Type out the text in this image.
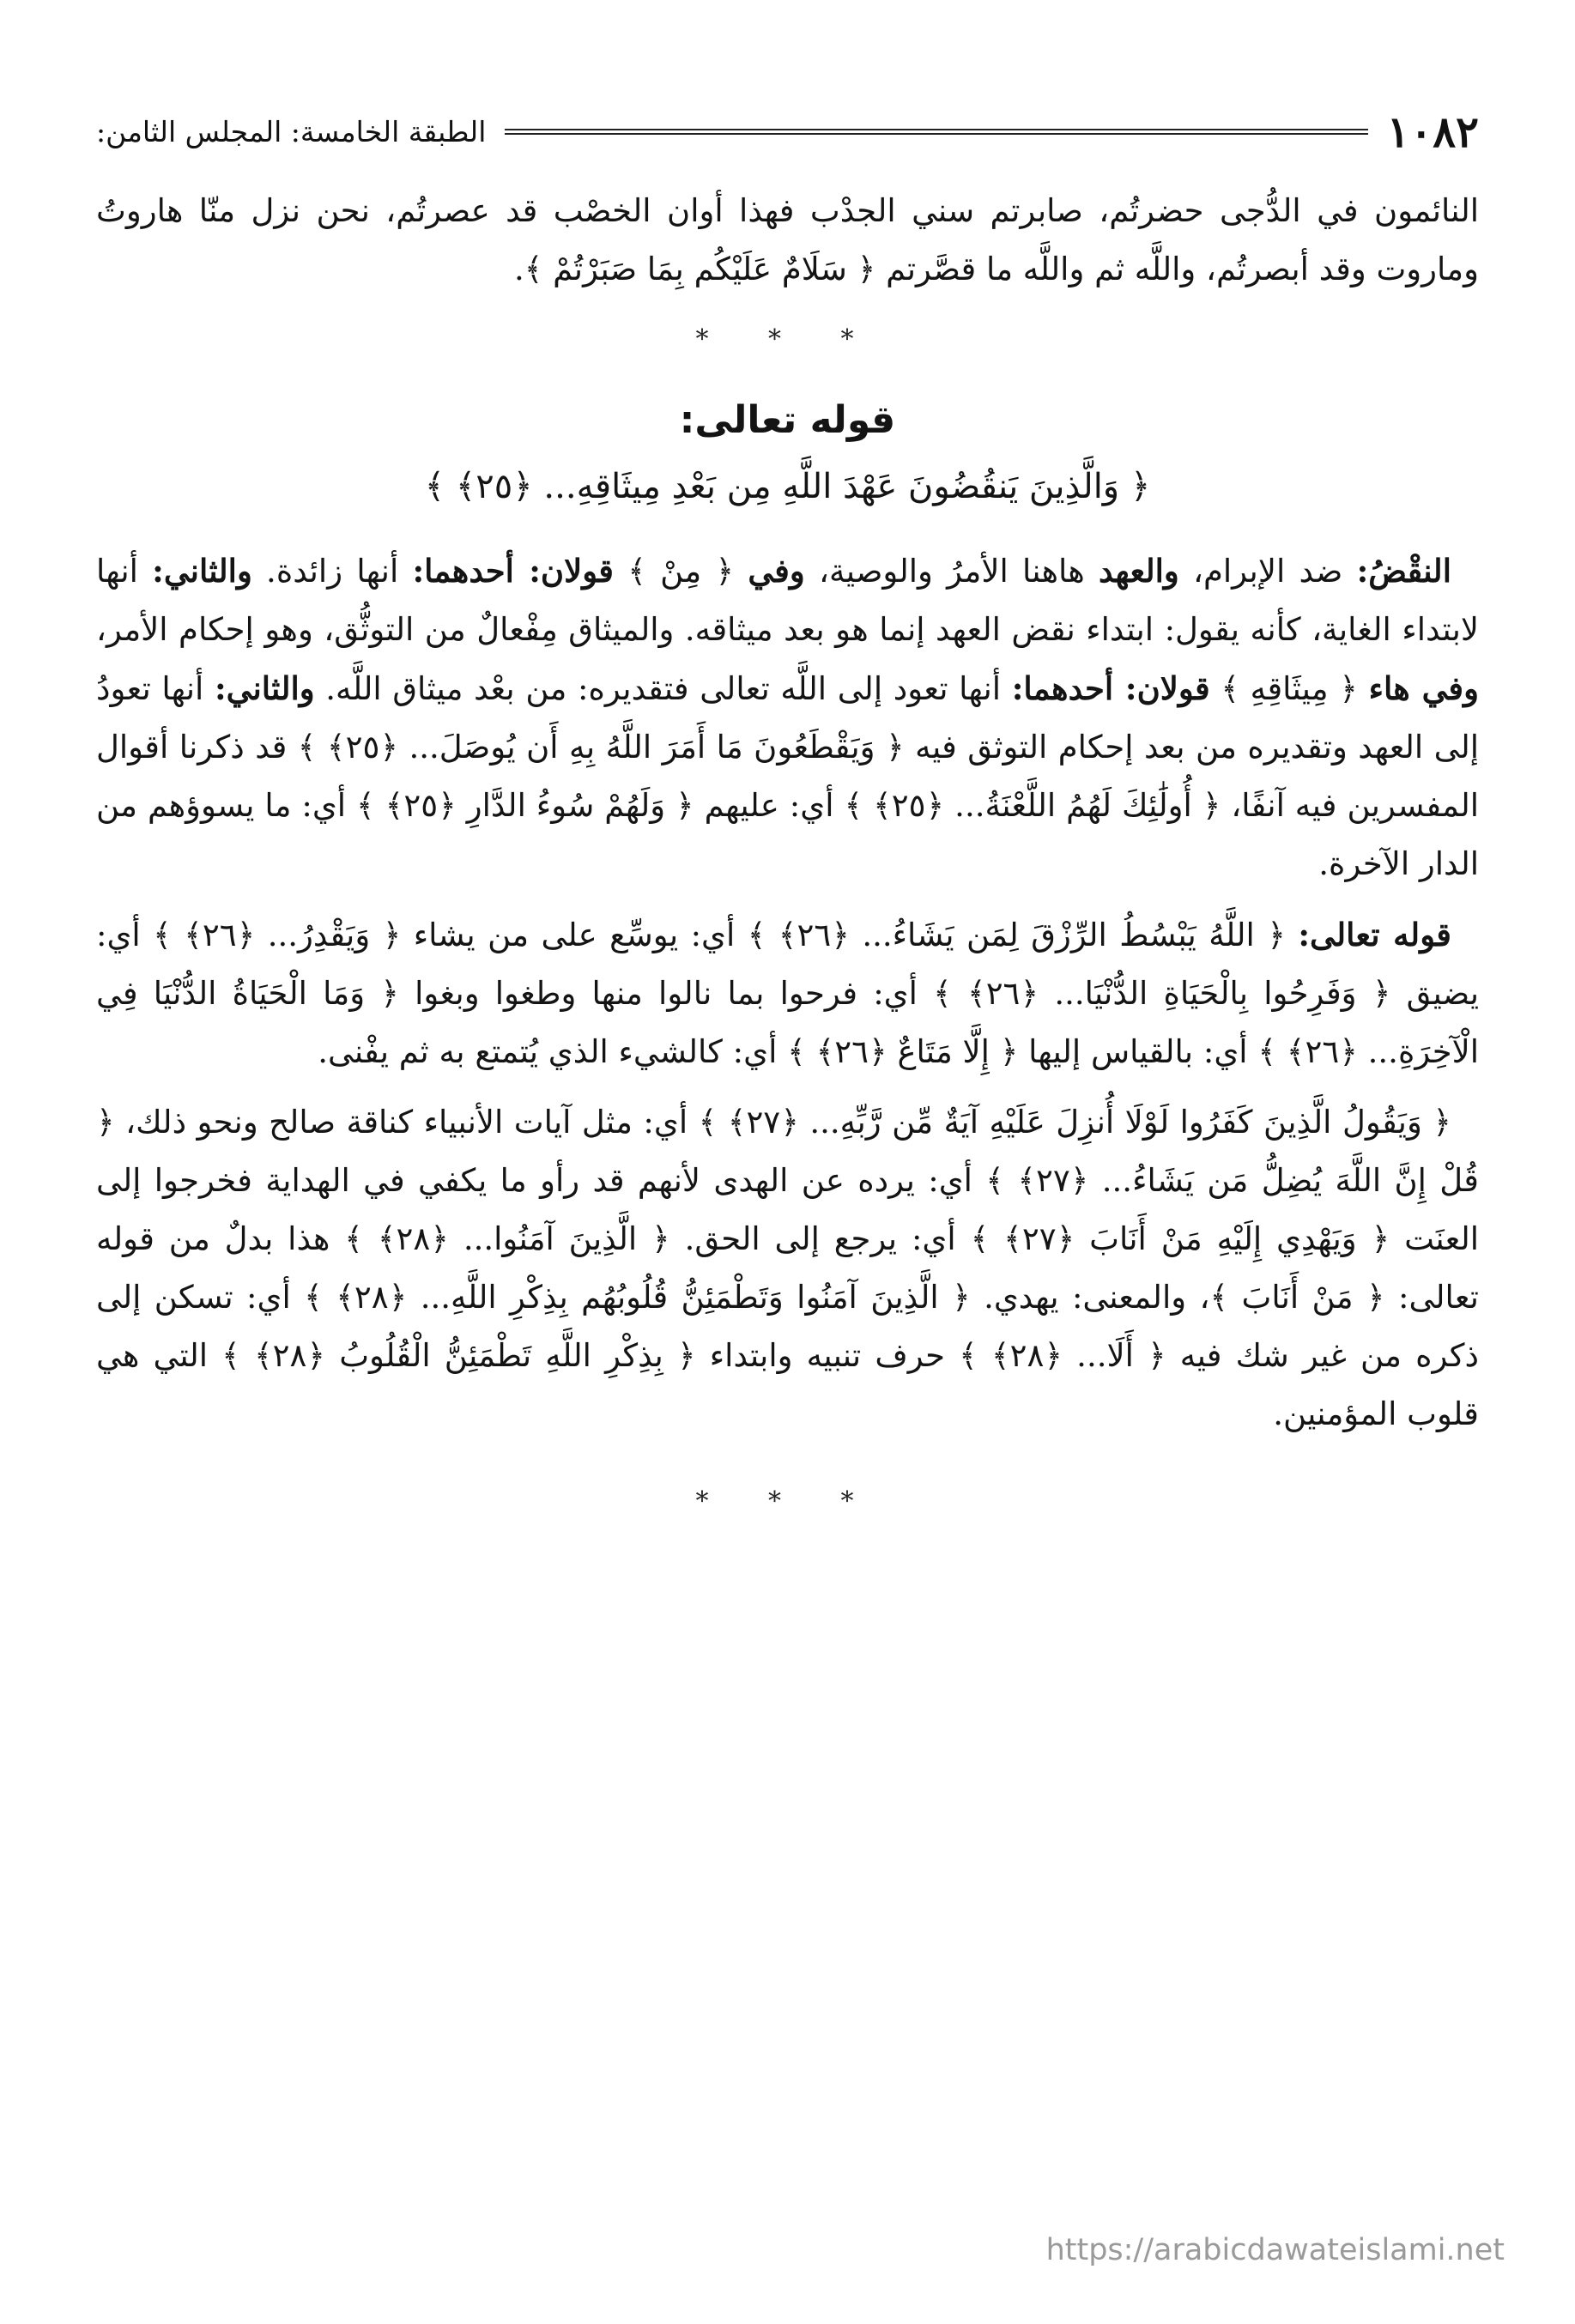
١٠٨٢
الطبقة الخامسة: المجلس الثامن:

النائمون في الدُّجى حضرتُم، صابرتم سني الجدْب فهذا أوان الخصْب قد عصرتُم، نحن نزل منّا هاروتُ وماروت وقد أبصرتُم، واللَّه ثم واللَّه ما قصَّرتم ﴿ سَلَامٌ عَلَيْكُم بِمَا صَبَرْتُمْ ﴾.

* * *

قوله تعالى:

﴿ وَالَّذِينَ يَنقُضُونَ عَهْدَ اللَّهِ مِن بَعْدِ مِيثَاقِهِ... ﴿٢٥﴾ ﴾

النقْضُ: ضد الإبرام، والعهد هاهنا الأمرُ والوصية، وفي ﴿ مِنْ ﴾ قولان: أحدهما: أنها زائدة. والثاني: أنها لابتداء الغاية، كأنه يقول: ابتداء نقض العهد إنما هو بعد ميثاقه. والميثاق مِفْعالٌ من التوثُّق، وهو إحكام الأمر، وفي هاء ﴿ مِيثَاقِهِ ﴾ قولان: أحدهما: أنها تعود إلى اللَّه تعالى فتقديره: من بعْد ميثاق اللَّه. والثاني: أنها تعودُ إلى العهد وتقديره من بعد إحكام التوثق فيه ﴿ وَيَقْطَعُونَ مَا أَمَرَ اللَّهُ بِهِ أَن يُوصَلَ... ﴿٢٥﴾ ﴾ قد ذكرنا أقوال المفسرين فيه آنفًا، ﴿ أُولَٰئِكَ لَهُمُ اللَّعْنَةُ... ﴿٢٥﴾ ﴾ أي: عليهم ﴿ وَلَهُمْ سُوءُ الدَّارِ ﴿٢٥﴾ ﴾ أي: ما يسوؤهم من الدار الآخرة.

قوله تعالى: ﴿ اللَّهُ يَبْسُطُ الرِّزْقَ لِمَن يَشَاءُ... ﴿٢٦﴾ ﴾ أي: يوسِّع على من يشاء ﴿ وَيَقْدِرُ... ﴿٢٦﴾ ﴾ أي: يضيق ﴿ وَفَرِحُوا بِالْحَيَاةِ الدُّنْيَا... ﴿٢٦﴾ ﴾ أي: فرحوا بما نالوا منها وطغوا وبغوا ﴿ وَمَا الْحَيَاةُ الدُّنْيَا فِي الْآخِرَةِ... ﴿٢٦﴾ ﴾ أي: بالقياس إليها ﴿ إِلَّا مَتَاعٌ ﴿٢٦﴾ ﴾ أي: كالشيء الذي يُتمتع به ثم يفْنى.

﴿ وَيَقُولُ الَّذِينَ كَفَرُوا لَوْلَا أُنزِلَ عَلَيْهِ آيَةٌ مِّن رَّبِّهِ... ﴿٢٧﴾ ﴾ أي: مثل آيات الأنبياء كناقة صالح ونحو ذلك، ﴿ قُلْ إِنَّ اللَّهَ يُضِلُّ مَن يَشَاءُ... ﴿٢٧﴾ ﴾ أي: يرده عن الهدى لأنهم قد رأو ما يكفي في الهداية فخرجوا إلى العنَت ﴿ وَيَهْدِي إِلَيْهِ مَنْ أَنَابَ ﴿٢٧﴾ ﴾ أي: يرجع إلى الحق. ﴿ الَّذِينَ آمَنُوا... ﴿٢٨﴾ ﴾ هذا بدلٌ من قوله تعالى: ﴿ مَنْ أَنَابَ ﴾، والمعنى: يهدي. ﴿ الَّذِينَ آمَنُوا وَتَطْمَئِنُّ قُلُوبُهُم بِذِكْرِ اللَّهِ... ﴿٢٨﴾ ﴾ أي: تسكن إلى ذكره من غير شك فيه ﴿ أَلَا... ﴿٢٨﴾ ﴾ حرف تنبيه وابتداء ﴿ بِذِكْرِ اللَّهِ تَطْمَئِنُّ الْقُلُوبُ ﴿٢٨﴾ ﴾ التي هي قلوب المؤمنين.

* * *

https://arabicdawateislami.net
